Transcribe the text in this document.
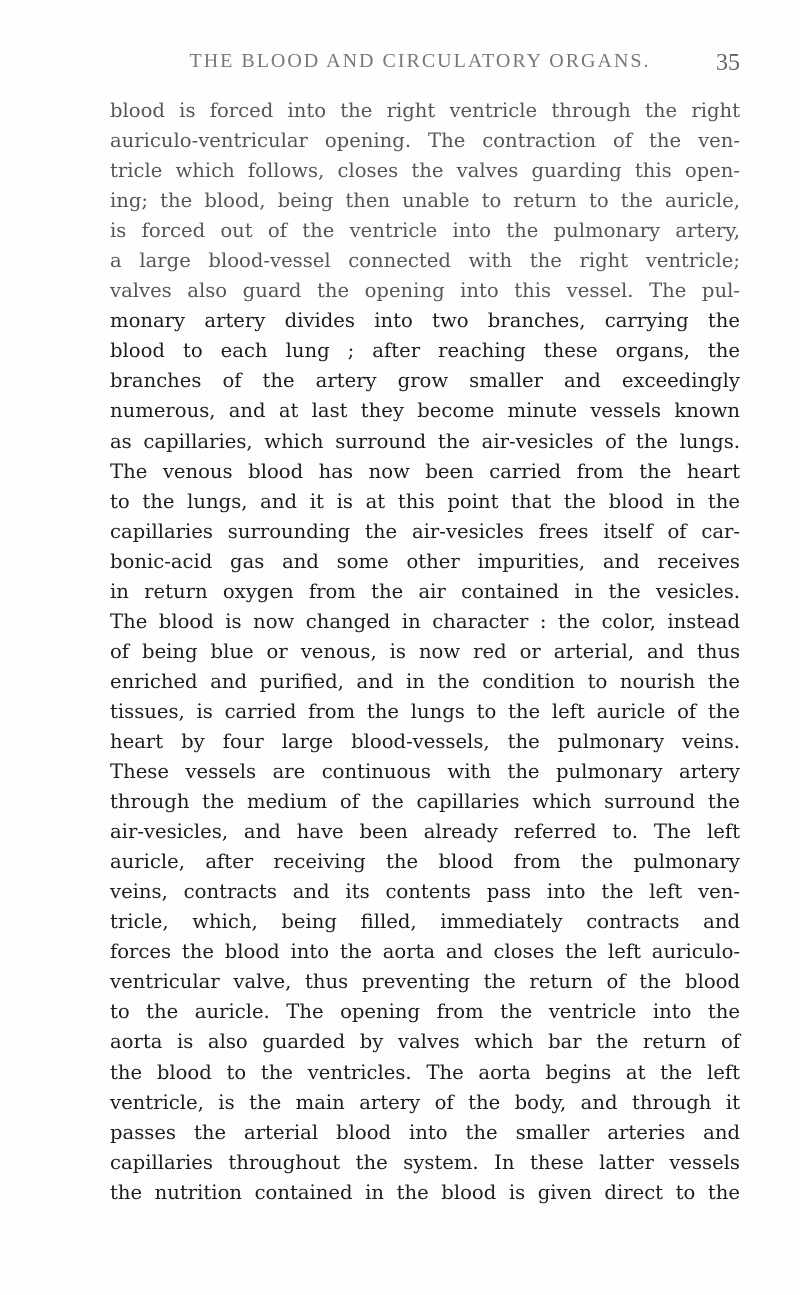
THE BLOOD AND CIRCULATORY ORGANS.	35
blood is forced into the right ventricle through the right
auriculo-ventricular opening. The contraction of the ven-
tricle which follows, closes the valves guarding this open-
ing; the blood, being then unable to return to the auricle,
is forced out of the ventricle into the pulmonary artery,
a large blood-vessel connected with the right ventricle;
valves also guard the opening into this vessel. The pul-
monary artery divides into two branches, carrying the
blood to each lung ; after reaching these organs, the
branches of the artery grow smaller and exceedingly
numerous, and at last they become minute vessels known
as capillaries, which surround the air-vesicles of the lungs.
The venous blood has now been carried from the heart
to the lungs, and it is at this point that the blood in the
capillaries surrounding the air-vesicles frees itself of car-
bonic-acid gas and some other impurities, and receives
in return oxygen from the air contained in the vesicles.
The blood is now changed in character : the color, instead
of being blue or venous, is now red or arterial, and thus
enriched and purified, and in the condition to nourish the
tissues, is carried from the lungs to the left auricle of the
heart by four large blood-vessels, the pulmonary veins.
These vessels are continuous with the pulmonary artery
through the medium of the capillaries which surround the
air-vesicles, and have been already referred to. The left
auricle, after receiving the blood from the pulmonary
veins, contracts and its contents pass into the left ven-
tricle, which, being filled, immediately contracts and
forces the blood into the aorta and closes the left auriculo-
ventricular valve, thus preventing the return of the blood
to the auricle. The opening from the ventricle into the
aorta is also guarded by valves which bar the return of
the blood to the ventricles. The aorta begins at the left
ventricle, is the main artery of the body, and through it
passes the arterial blood into the smaller arteries and
capillaries throughout the system. In these latter vessels
the nutrition contained in the blood is given direct to the
